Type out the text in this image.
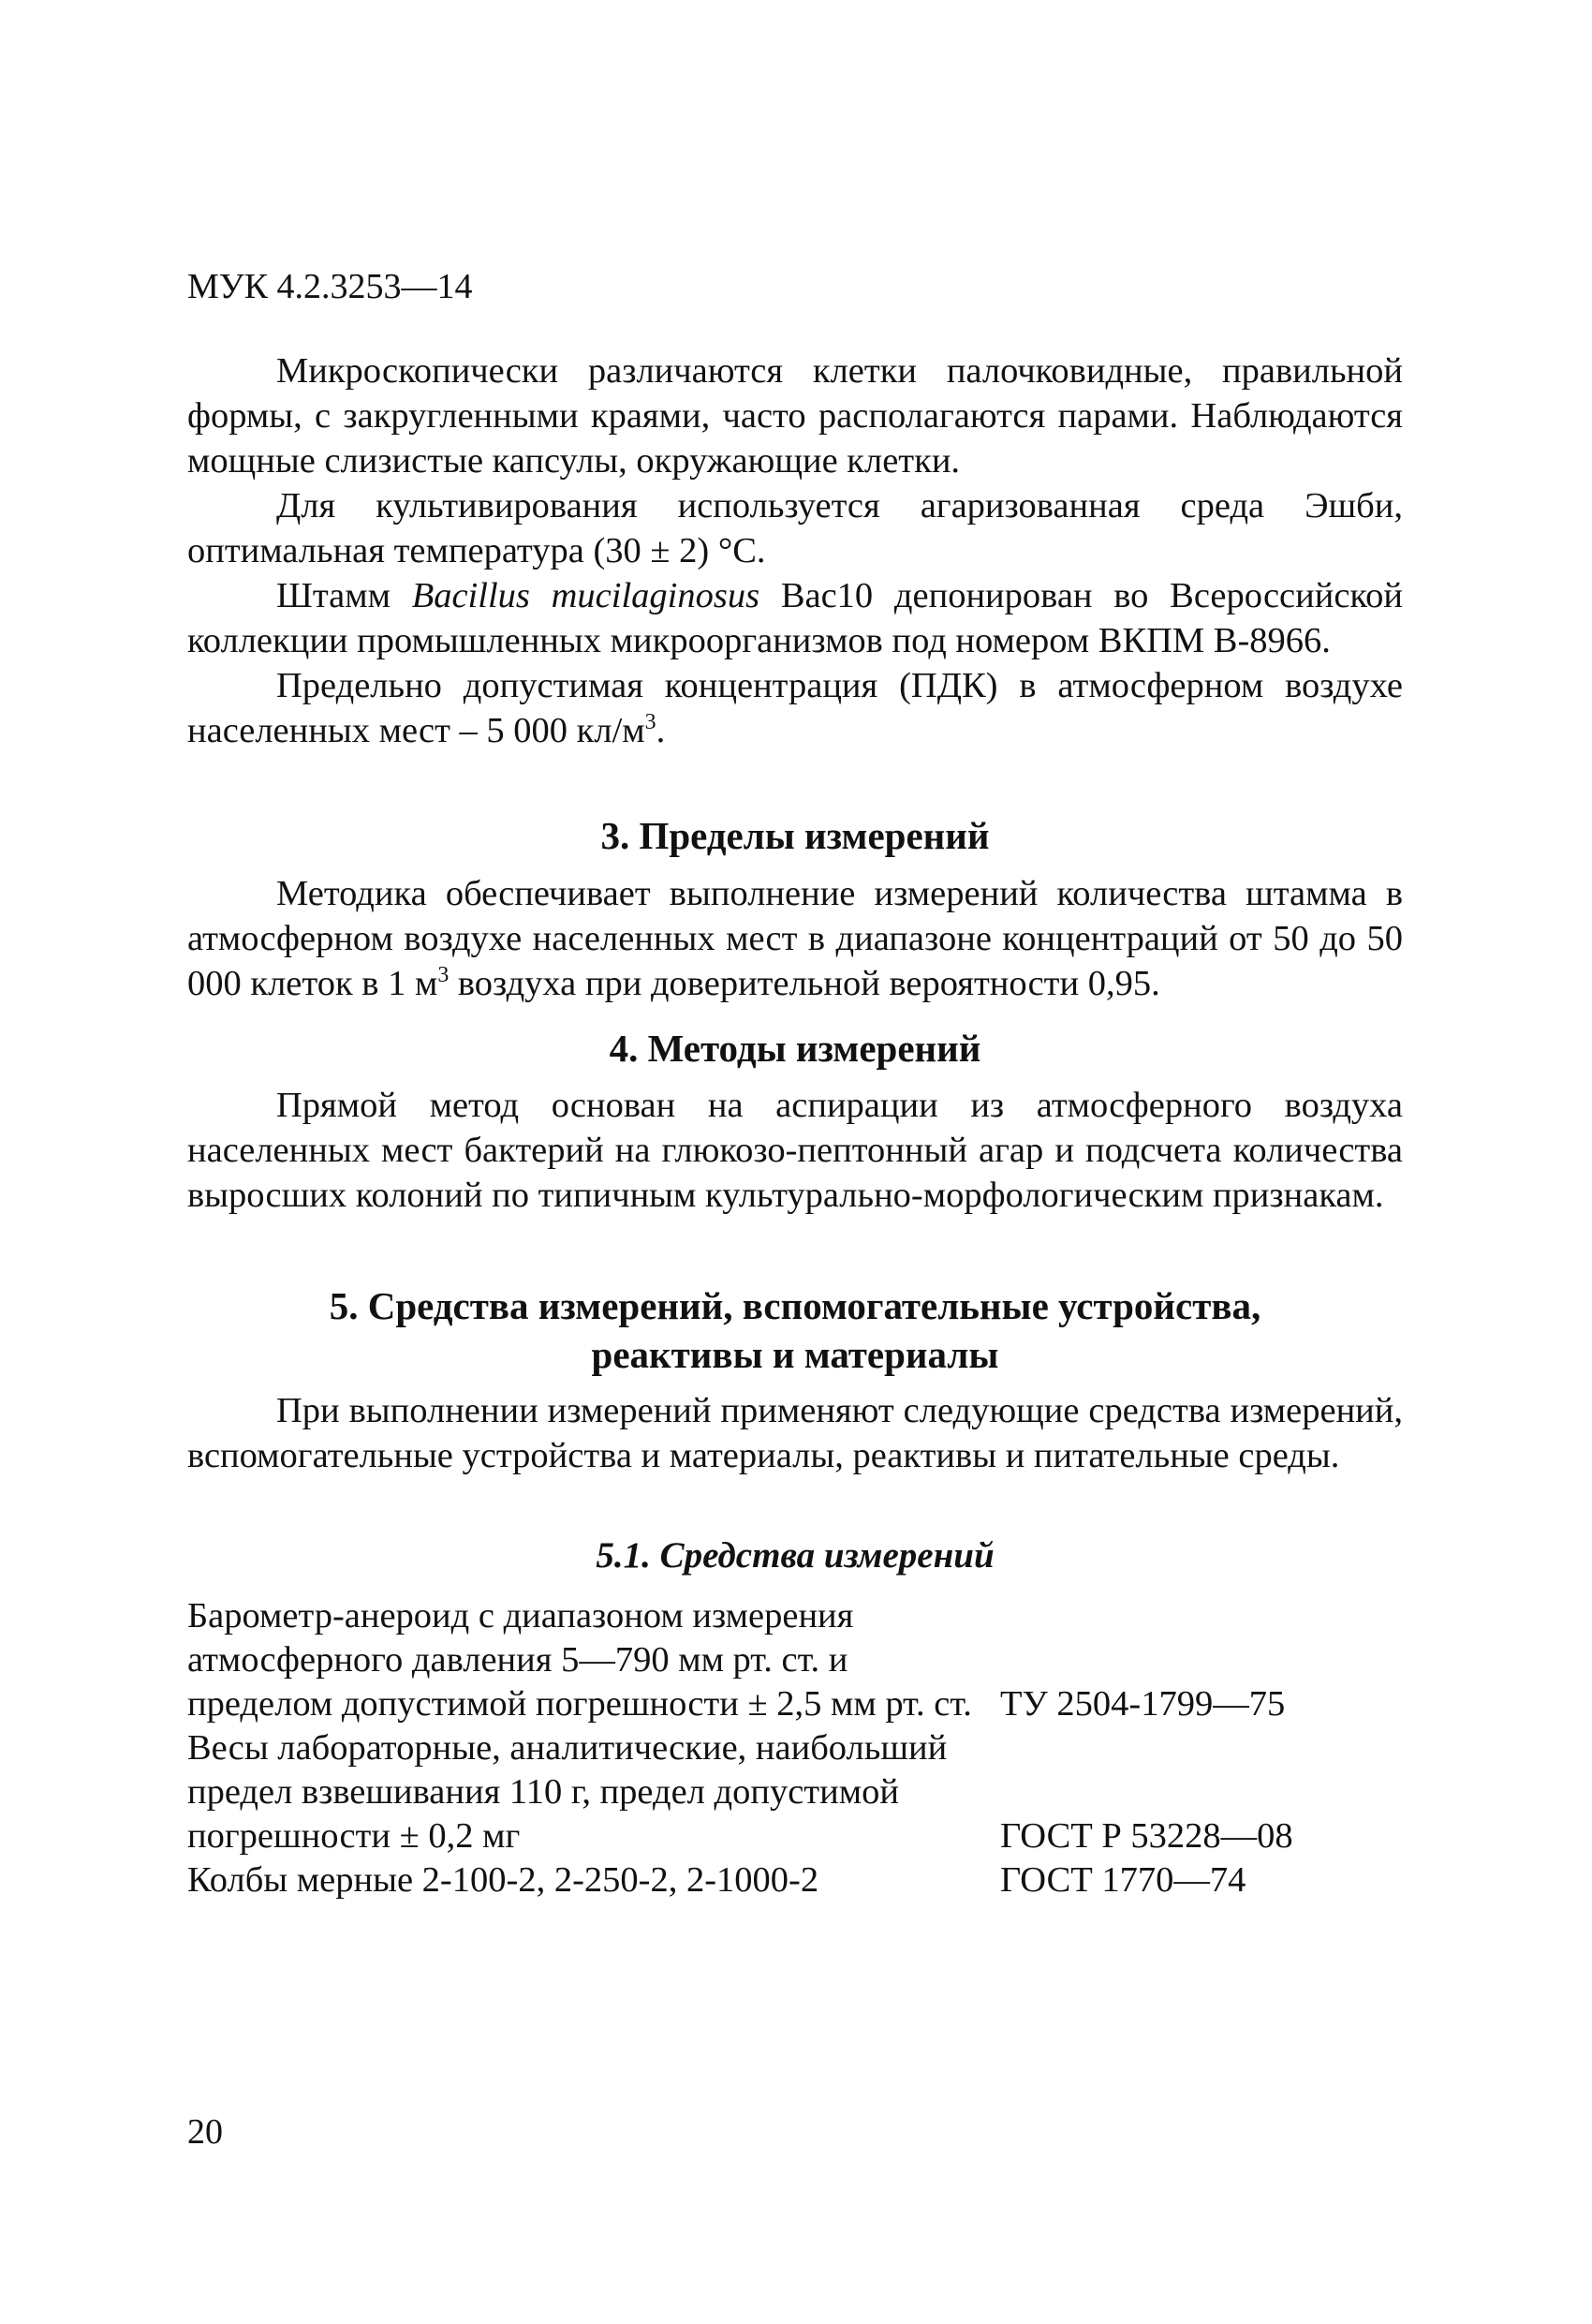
МУК 4.2.3253—14

Микроскопически различаются клетки палочковидные, правильной формы, с закругленными краями, часто располагаются парами. Наблюдаются мощные слизистые капсулы, окружающие клетки.

Для культивирования используется агаризованная среда Эшби, оптимальная температура (30 ± 2) °С.

Штамм Bacillus mucilaginosus Bac10 депонирован во Всероссийской коллекции промышленных микроорганизмов под номером ВКПМ В-8966.

Предельно допустимая концентрация (ПДК) в атмосферном воздухе населенных мест – 5 000 $кл/м^3$.

3. Пределы измерений

Методика обеспечивает выполнение измерений количества штамма в атмосферном воздухе населенных мест в диапазоне концентраций от 50 до 50 000 клеток в 1 $м^3$ воздуха при доверительной вероятности 0,95.

4. Методы измерений

Прямой метод основан на аспирации из атмосферного воздуха населенных мест бактерий на глюкозо-пептонный агар и подсчета количества выросших колоний по типичным культурально-морфологическим признакам.

5. Средства измерений, вспомогательные устройства,
реактивы и материалы

При выполнении измерений применяют следующие средства измерений, вспомогательные устройства и материалы, реактивы и питательные среды.

5.1. Средства измерений
Барометр-анероид с диапазоном измерения атмосферного давления 5—790 мм рт. ст. и пределом допустимой погрешности ± 2,5 мм рт. ст. ТУ 2504-1799—75
Весы лабораторные, аналитические, наибольший предел взвешивания 110 г, предел допустимой погрешности ± 0,2 мг	ГОСТ Р 53228—08
Колбы мерные 2-100-2, 2-250-2, 2-1000-2	ГОСТ 1770—74
20
